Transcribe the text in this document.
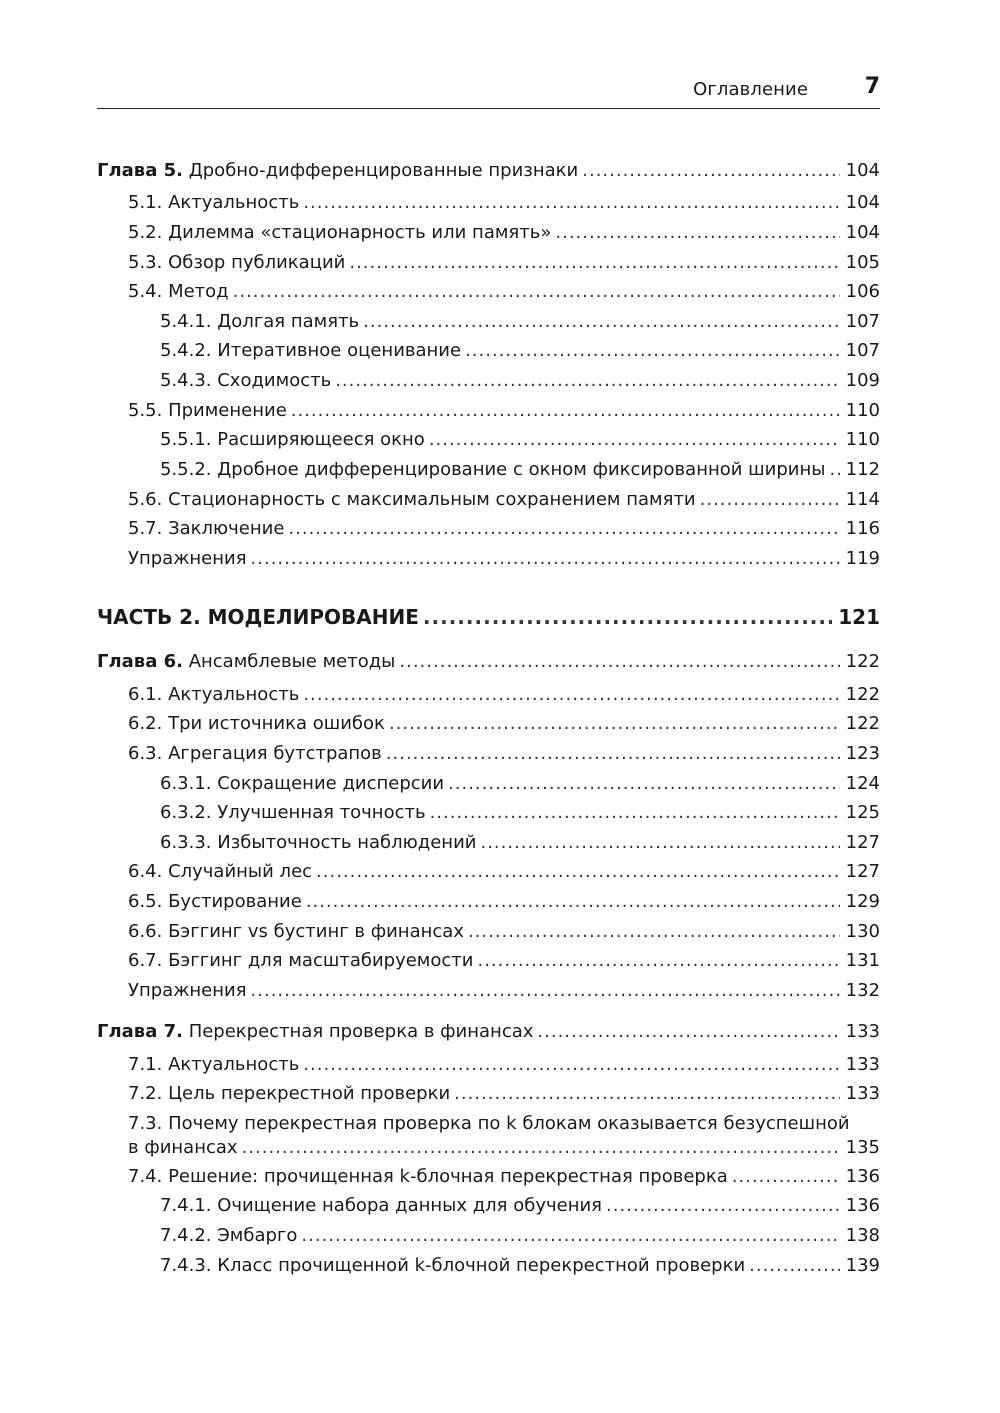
Оглавление	7
Глава 5. Дробно-дифференцированные признаки .....	104
5.1. Актуальность .....	104
5.2. Дилемма «стационарность или память» .....	104
5.3. Обзор публикаций .....	105
5.4. Метод .....	106
5.4.1. Долгая память .....	107
5.4.2. Итеративное оценивание .....	107
5.4.3. Сходимость .....	109
5.5. Применение .....	110
5.5.1. Расширяющееся окно .....	110
5.5.2. Дробное дифференцирование с окном фиксированной ширины ..... 112
5.6. Стационарность с максимальным сохранением памяти .....	114
5.7. Заключение .....	116
Упражнения .....	119
ЧАСТЬ 2. МОДЕЛИРОВАНИЕ .....	121
Глава 6. Ансамблевые методы .....	122
6.1. Актуальность .....	122
6.2. Три источника ошибок .....	122
6.3. Агрегация бутстрапов .....	123
6.3.1. Сокращение дисперсии .....	124
6.3.2. Улучшенная точность .....	125
6.3.3. Избыточность наблюдений .....	127
6.4. Случайный лес .....	127
6.5. Бустирование .....	129
6.6. Бэггинг vs бустинг в финансах .....	130
6.7. Бэггинг для масштабируемости .....	131
Упражнения .....	132
Глава 7. Перекрестная проверка в финансах .....	133
7.1. Актуальность .....	133
7.2. Цель перекрестной проверки .....	133
7.3. Почему перекрестная проверка по k блокам оказывается безуспешной
в финансах .....	135
7.4. Решение: прочищенная k-блочная перекрестная проверка .....	136
7.4.1. Очищение набора данных для обучения .....	136
7.4.2. Эмбарго .....	138
7.4.3. Класс прочищенной k-блочной перекрестной проверки .....	139
